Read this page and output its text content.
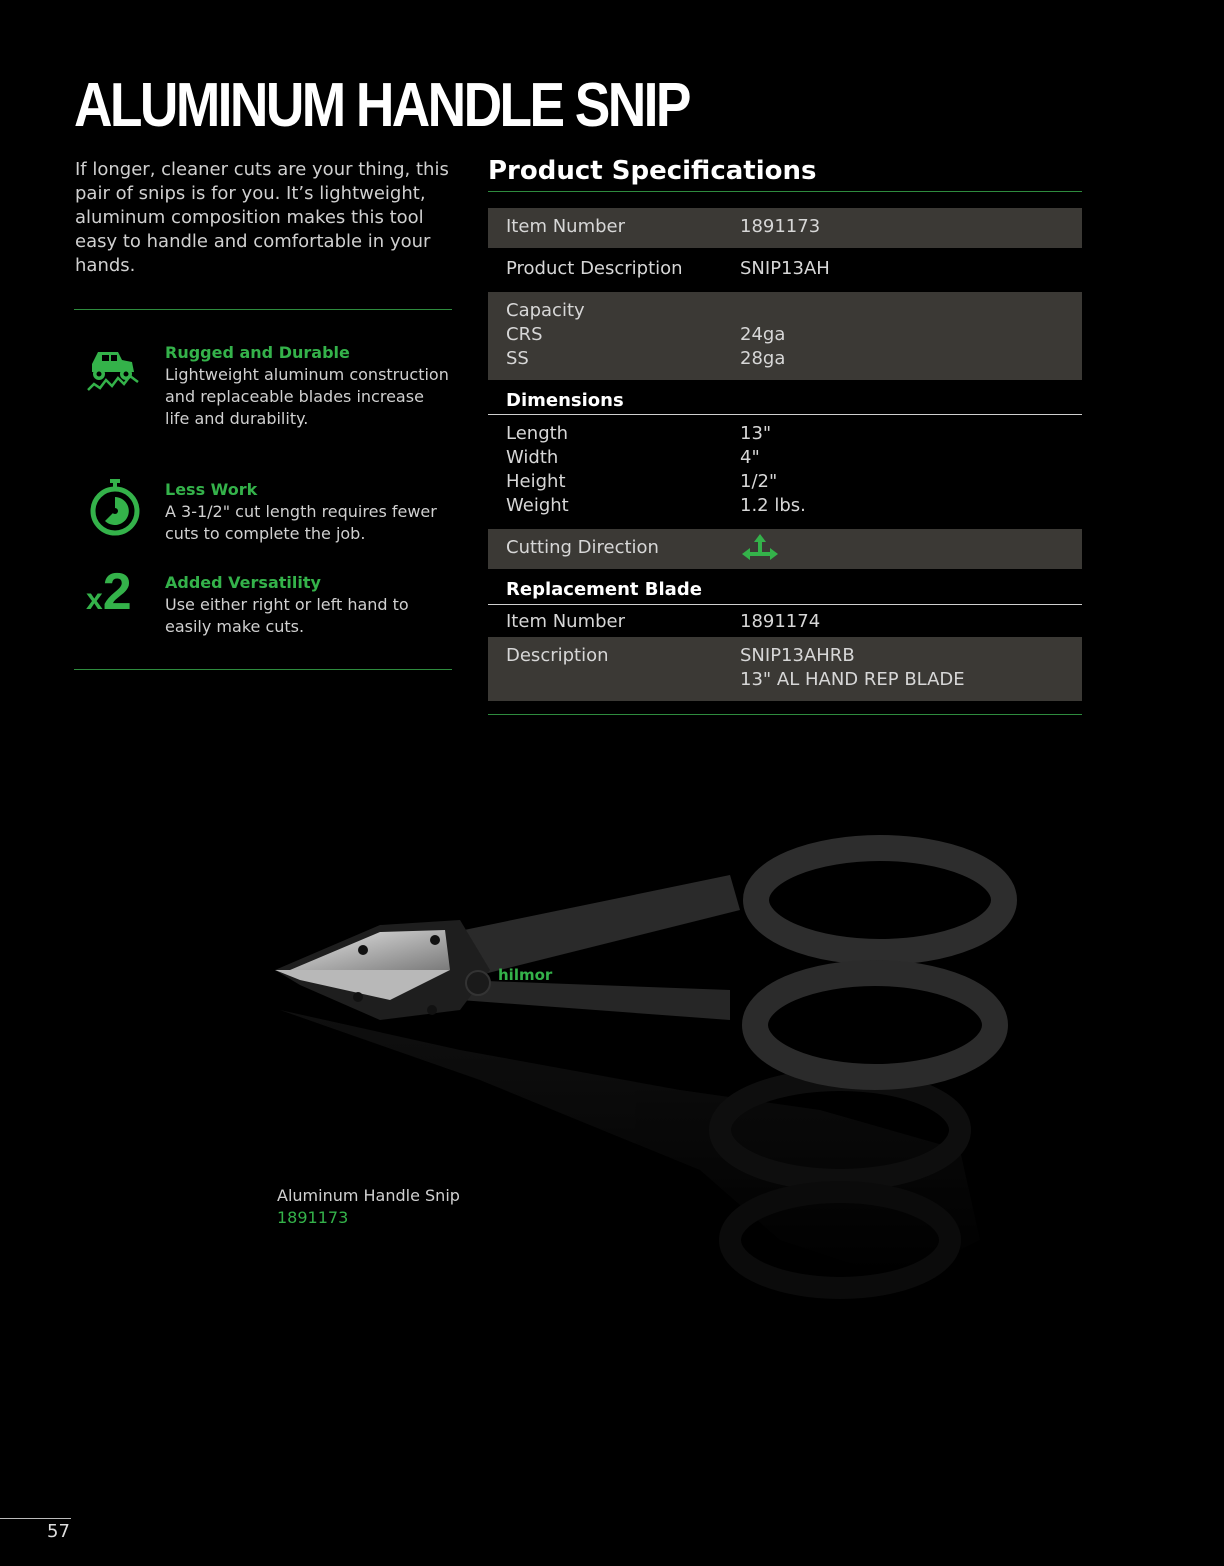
ALUMINUM HANDLE SNIP
If longer, cleaner cuts are your thing, this pair of snips is for you. It’s lightweight, aluminum composition makes this tool easy to handle and comfortable in your hands.
Rugged and Durable
Lightweight aluminum construction and replaceable blades increase life and durability.
Less Work
A 3-1/2" cut length requires fewer cuts to complete the job.
x2	Added Versatility
Use either right or left hand to easily make cuts.
Product Specifications
Item Number	1891173
Product Description	SNIP13AH
Capacity
CRS	24ga
SS	28ga
Dimensions
Length	13"
Width	4"
Height	1/2"
Weight	1.2 lbs.
Cutting Direction
Replacement Blade
Item Number	1891174
Description	SNIP13AHRB
13" AL HAND REP BLADE
hilmor
Aluminum Handle Snip
1891173
57
